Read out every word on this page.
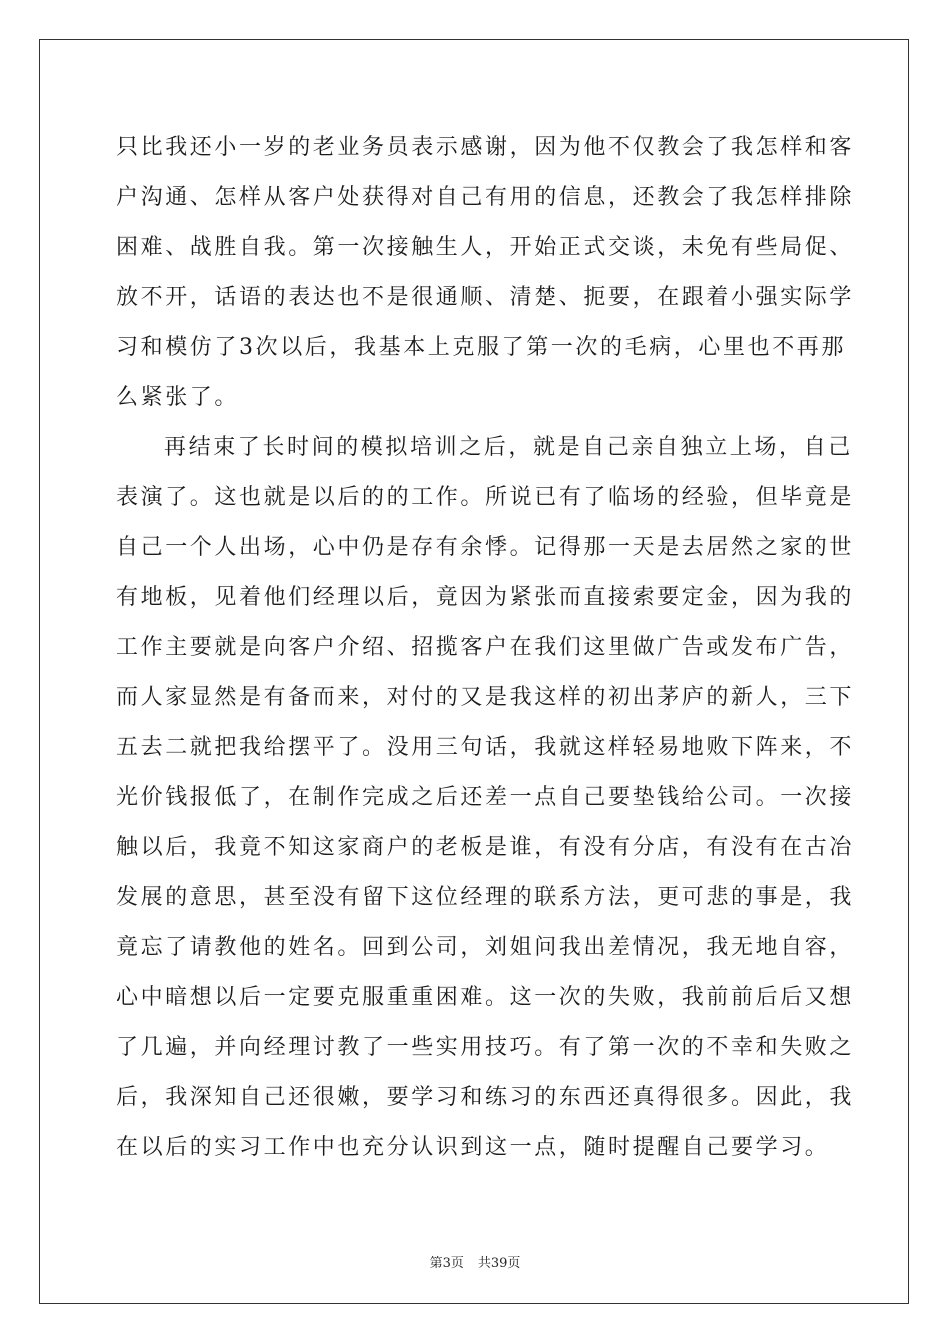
只比我还小一岁的老业务员表示感谢，因为他不仅教会了我怎样和客
户沟通、怎样从客户处获得对自己有用的信息，还教会了我怎样排除
困难、战胜自我。第一次接触生人，开始正式交谈，未免有些局促、
放不开，话语的表达也不是很通顺、清楚、扼要，在跟着小强实际学
习和模仿了3次以后，我基本上克服了第一次的毛病，心里也不再那
么紧张了。
再结束了长时间的模拟培训之后，就是自己亲自独立上场，自己
表演了。这也就是以后的的工作。所说已有了临场的经验，但毕竟是
自己一个人出场，心中仍是存有余悸。记得那一天是去居然之家的世
有地板，见着他们经理以后，竟因为紧张而直接索要定金，因为我的
工作主要就是向客户介绍、招揽客户在我们这里做广告或发布广告，
而人家显然是有备而来，对付的又是我这样的初出茅庐的新人，三下
五去二就把我给摆平了。没用三句话，我就这样轻易地败下阵来，不
光价钱报低了，在制作完成之后还差一点自己要垫钱给公司。一次接
触以后，我竟不知这家商户的老板是谁，有没有分店，有没有在古冶
发展的意思，甚至没有留下这位经理的联系方法，更可悲的事是，我
竟忘了请教他的姓名。回到公司，刘姐问我出差情况，我无地自容，
心中暗想以后一定要克服重重困难。这一次的失败，我前前后后又想
了几遍，并向经理讨教了一些实用技巧。有了第一次的不幸和失败之
后，我深知自己还很嫩，要学习和练习的东西还真得很多。因此，我
在以后的实习工作中也充分认识到这一点，随时提醒自己要学习。
第3页 共39页
